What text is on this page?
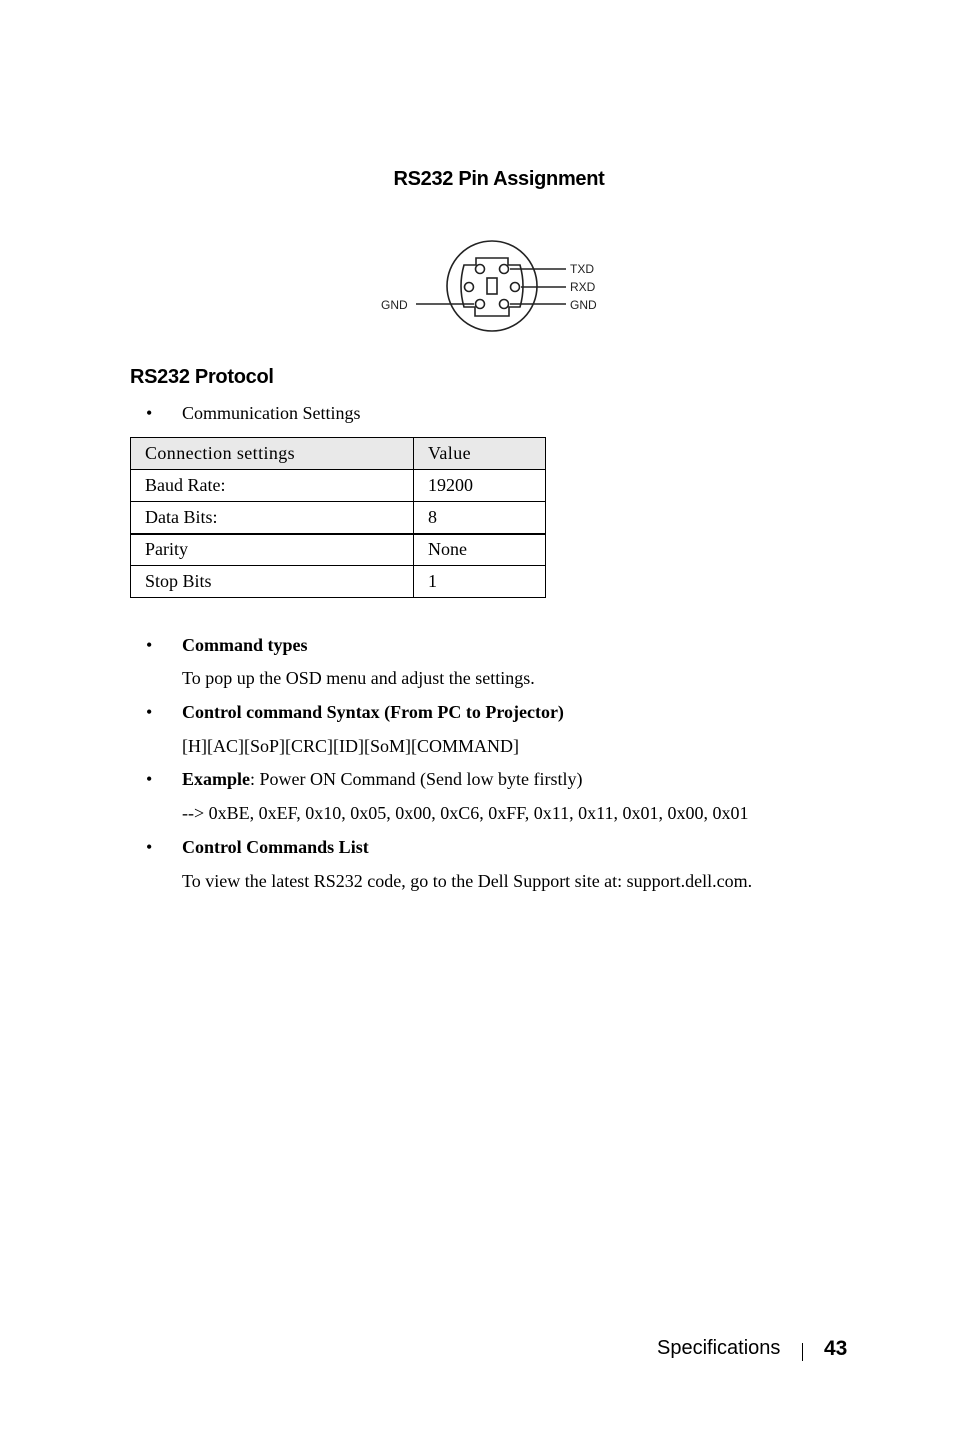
RS232 Pin Assignment
TXD
RXD
GND
GND
RS232 Protocol
• Communication Settings
Connection settings	Value
Baud Rate:	19200
Data Bits:	8
Parity	None
Stop Bits	1
• Command types
To pop up the OSD menu and adjust the settings.
• Control command Syntax (From PC to Projector)
[H][AC][SoP][CRC][ID][SoM][COMMAND]
• Example: Power ON Command (Send low byte firstly)
--> 0xBE, 0xEF, 0x10, 0x05, 0x00, 0xC6, 0xFF, 0x11, 0x11, 0x01, 0x00, 0x01
• Control Commands List
To view the latest RS232 code, go to the Dell Support site at: support.dell.com.
Specifications 43
